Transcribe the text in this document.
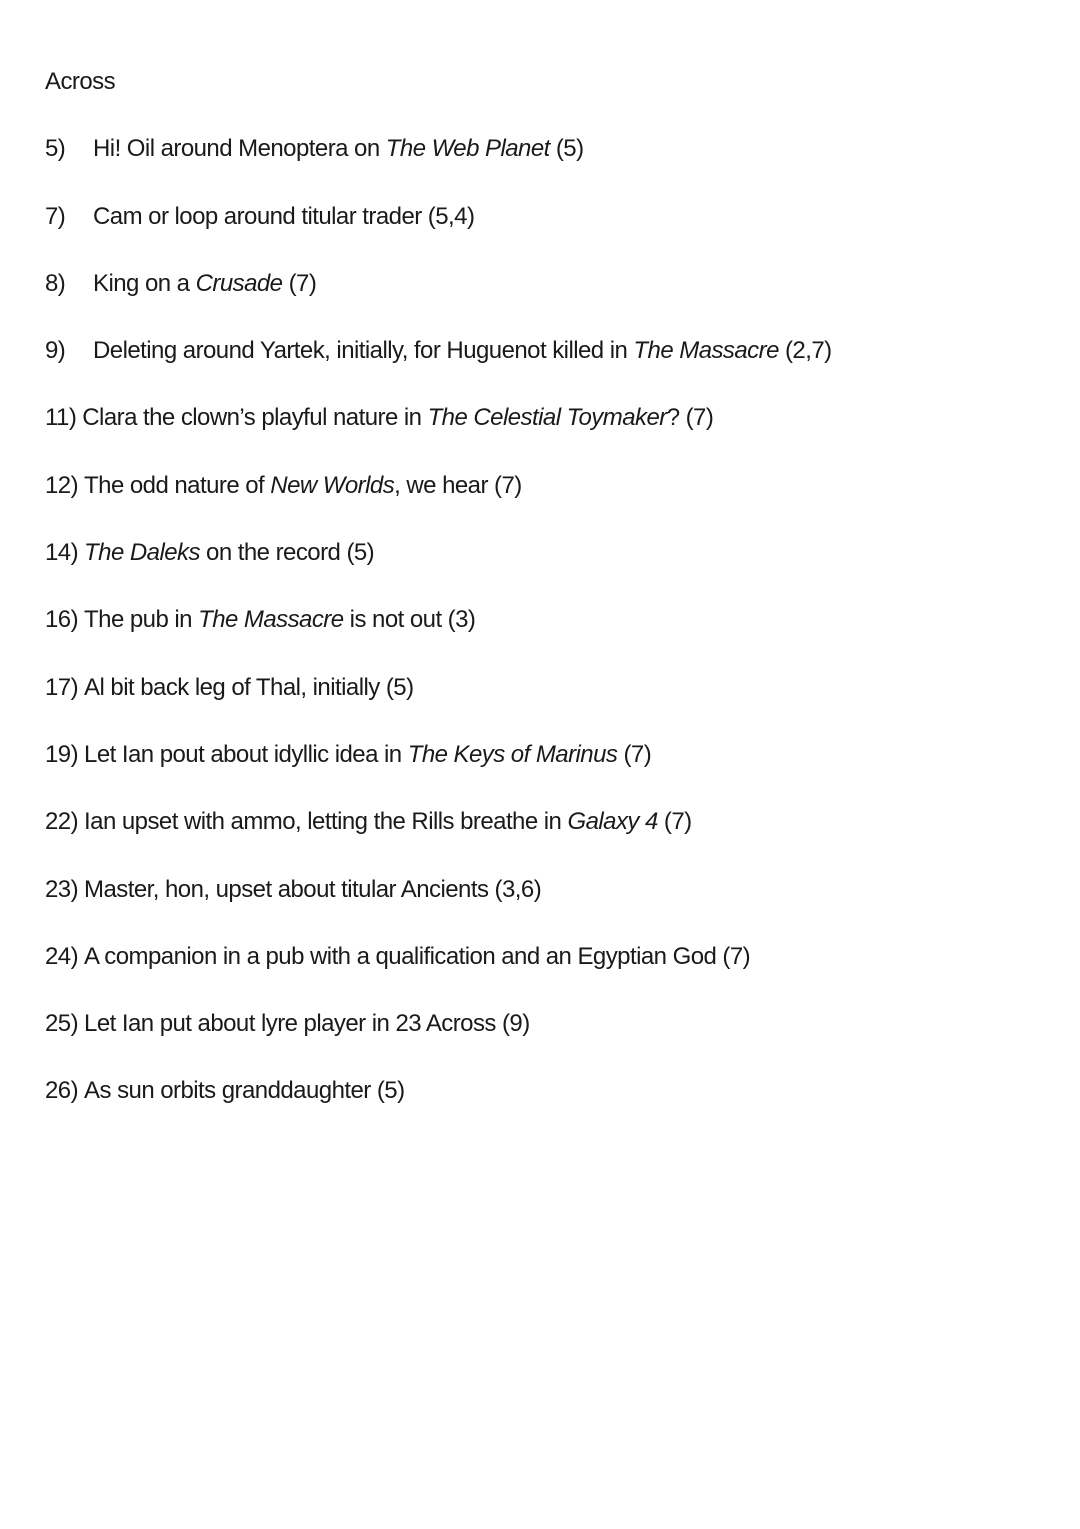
Across
5) Hi! Oil around Menoptera on The Web Planet (5)
7) Cam or loop around titular trader (5,4)
8) King on a Crusade (7)
9) Deleting around Yartek, initially, for Huguenot killed in The Massacre (2,7)
11) Clara the clown’s playful nature in The Celestial Toymaker? (7)
12) The odd nature of New Worlds, we hear (7)
14) The Daleks on the record (5)
16) The pub in The Massacre is not out (3)
17) Al bit back leg of Thal, initially (5)
19) Let Ian pout about idyllic idea in The Keys of Marinus (7)
22) Ian upset with ammo, letting the Rills breathe in Galaxy 4 (7)
23) Master, hon, upset about titular Ancients (3,6)
24) A companion in a pub with a qualification and an Egyptian God (7)
25) Let Ian put about lyre player in 23 Across (9)
26) As sun orbits granddaughter (5)
